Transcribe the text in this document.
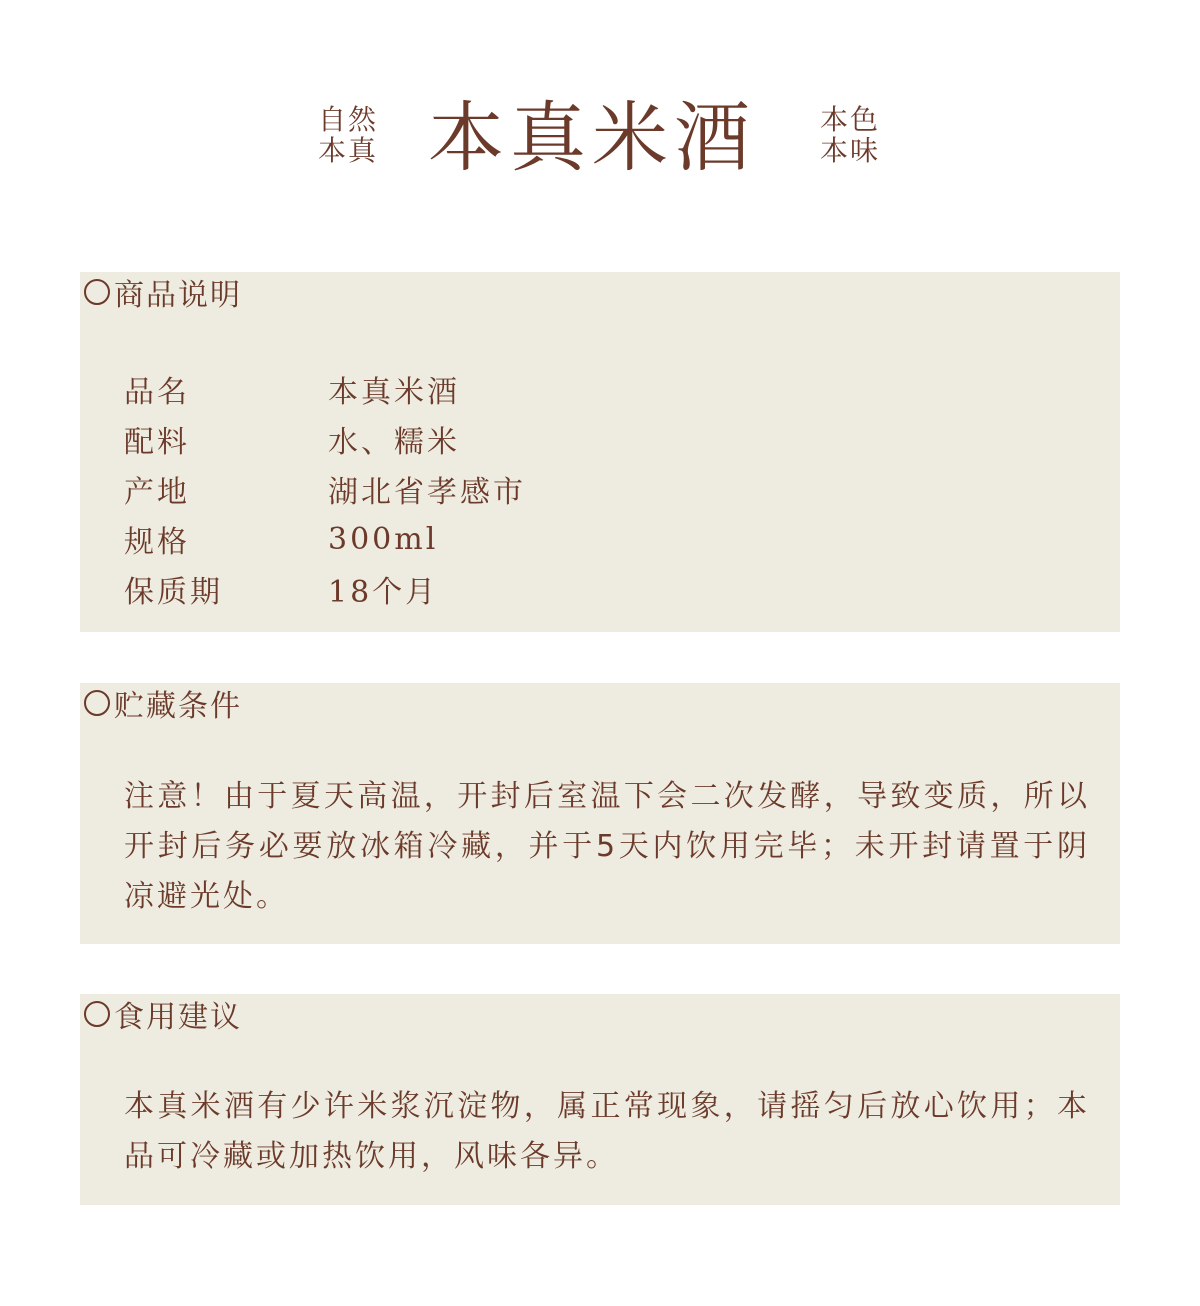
自然
本真 本真米酒 本色
本味
商品说明
品名	本真米酒
配料	水、糯米
产地	湖北省孝感市
规格	300ml
保质期	18个月
贮藏条件
注意！由于夏天高温，开封后室温下会二次发酵，导致变质，所以开封后务必要放冰箱冷藏，并于5天内饮用完毕；未开封请置于阴凉避光处。
食用建议
本真米酒有少许米浆沉淀物，属正常现象，请摇匀后放心饮用；本品可冷藏或加热饮用，风味各异。
